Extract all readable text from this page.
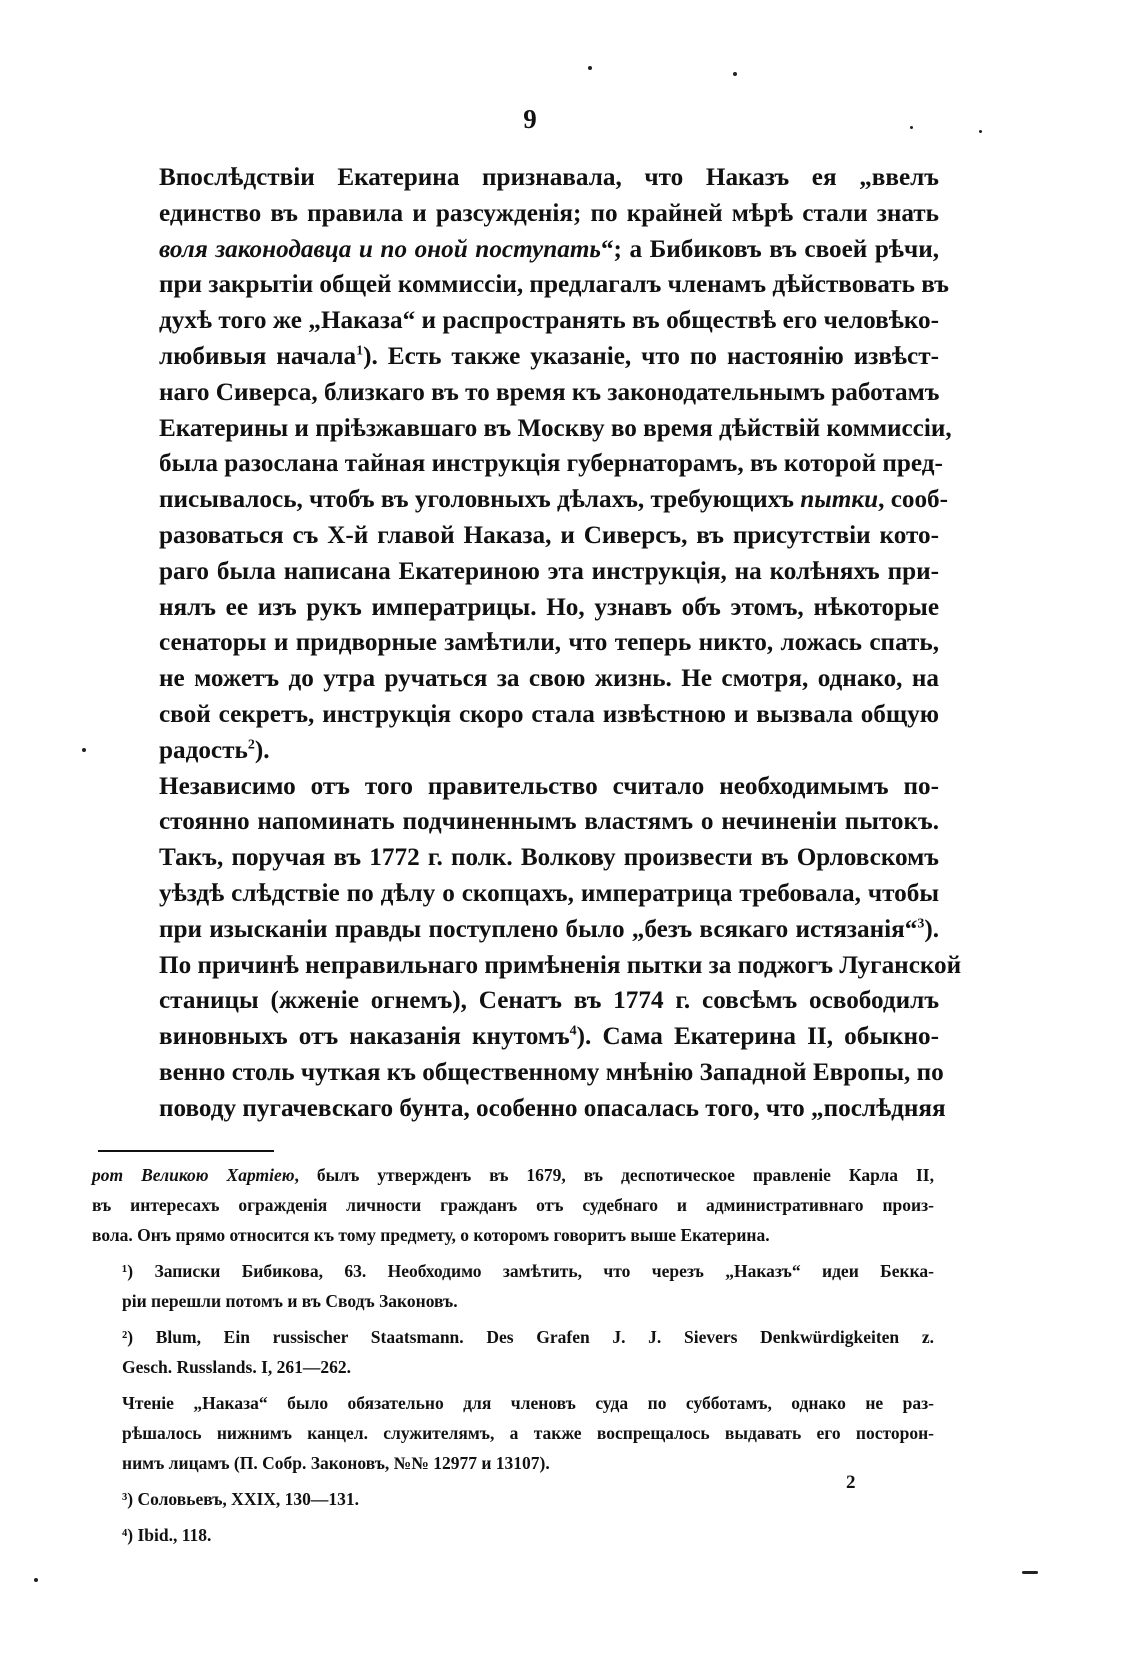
9

Впослѣдствіи Екатерина признавала, что Наказъ ея „ввелъ
единство въ правила и разсужденія; по крайней мѣрѣ стали знать
воля законодавца и по оной поступать“; а Бибиковъ въ своей рѣчи,
при закрытіи общей коммиссіи, предлагалъ членамъ дѣйствовать въ
духѣ того же „Наказа“ и распространять въ обществѣ его человѣко-
любивыя начала$^1$). Есть также указаніе, что по настоянію извѣст-
наго Сиверса, близкаго въ то время къ законодательнымъ работамъ
Екатерины и пріѣзжавшаго въ Москву во время дѣйствій коммиссіи,
была разослана тайная инструкція губернаторамъ, въ которой пред-
писывалось, чтобъ въ уголовныхъ дѣлахъ, требующихъ пытки, сооб-
разоваться съ X-й главой Наказа, и Сиверсъ, въ присутствіи кото-
раго была написана Екатериною эта инструкція, на колѣняхъ при-
нялъ ее изъ рукъ императрицы. Но, узнавъ объ этомъ, нѣкоторые
сенаторы и придворные замѣтили, что теперь никто, ложась спать,
не можетъ до утра ручаться за свою жизнь. Не смотря, однако, на
свой секретъ, инструкція скоро стала извѣстною и вызвала общую
радость$^2$).

Независимо отъ того правительство считало необходимымъ по-
стоянно напоминать подчиненнымъ властямъ о нечиненіи пытокъ.
Такъ, поручая въ 1772 г. полк. Волкову произвести въ Орловскомъ
уѣздѣ слѣдствіе по дѣлу о скопцахъ, императрица требовала, чтобы
при изысканіи правды поступлено было „безъ всякаго истязанія“$^3$).
По причинѣ неправильнаго примѣненія пытки за поджогъ Луганской
станицы (жженіе огнемъ), Сенатъ въ 1774 г. совсѣмъ освободилъ
виновныхъ отъ наказанія кнутомъ$^4$). Сама Екатерина II, обыкно-
венно столь чуткая къ общественному мнѣнію Западной Европы, по
поводу пугачевскаго бунта, особенно опасалась того, что „послѣдняя

рот Великою Хартіею, былъ утвержденъ въ 1679, въ деспотическое правленіе Карла II,
въ интересахъ огражденія личности гражданъ отъ судебнаго и административнаго произ-
вола. Онъ прямо относится къ тому предмету, о которомъ говоритъ выше Екатерина.

¹) Записки Бибикова, 63. Необходимо замѣтить, что черезъ „Наказъ“ идеи Бекка-
ріи перешли потомъ и въ Сводъ Законовъ.

²) Blum, Ein russischer Staatsmann. Des Grafen J. J. Sievers Denkwürdigkeiten z.
Gesch. Russlands. I, 261—262.

Чтеніе „Наказа“ было обязательно для членовъ суда по субботамъ, однако не раз-
рѣшалось нижнимъ канцел. служителямъ, а также воспрещалось выдавать его посторон-
нимъ лицамъ (П. Собр. Законовъ, №№ 12977 и 13107).

³) Соловьевъ, XXIX, 130—131.

⁴) Ibid., 118.

2
